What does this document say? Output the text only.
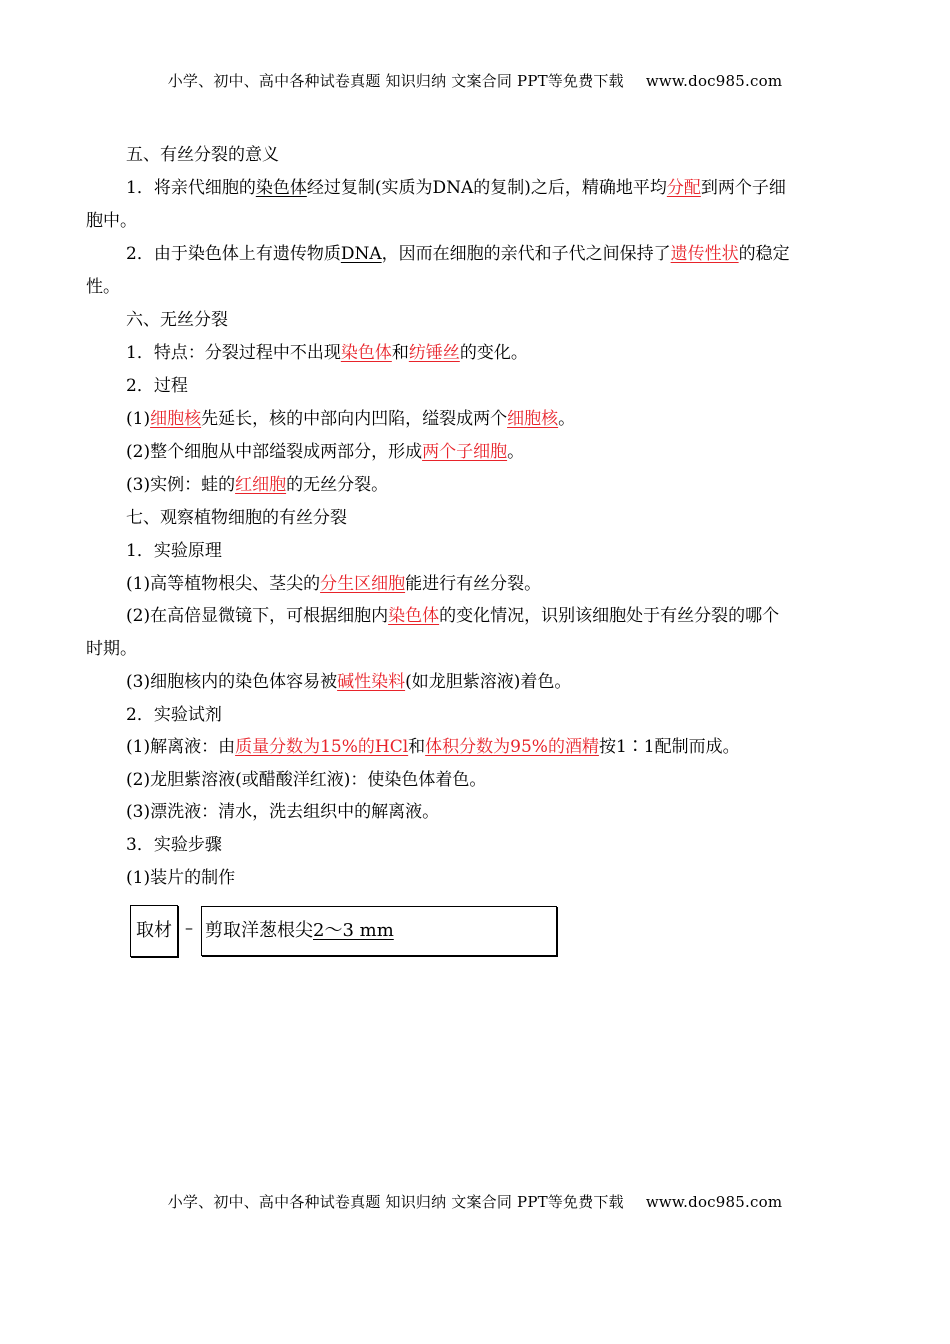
小学、初中、高中各种试卷真题 知识归纳 文案合同 PPT等免费下载 www.doc985.com
五、有丝分裂的意义
1．将亲代细胞的染色体经过复制(实质为DNA的复制)之后，精确地平均分配到两个子细
胞中。
2．由于染色体上有遗传物质DNA，因而在细胞的亲代和子代之间保持了遗传性状的稳定
性。
六、无丝分裂
1．特点：分裂过程中不出现染色体和纺锤丝的变化。
2．过程
(1)细胞核先延长，核的中部向内凹陷，缢裂成两个细胞核。
(2)整个细胞从中部缢裂成两部分，形成两个子细胞。
(3)实例：蛙的红细胞的无丝分裂。
七、观察植物细胞的有丝分裂
1．实验原理
(1)高等植物根尖、茎尖的分生区细胞能进行有丝分裂。
(2)在高倍显微镜下，可根据细胞内染色体的变化情况，识别该细胞处于有丝分裂的哪个
时期。
(3)细胞核内的染色体容易被碱性染料(如龙胆紫溶液)着色。
2．实验试剂
(1)解离液：由质量分数为15%的HCl和体积分数为95%的酒精按1∶1配制而成。
(2)龙胆紫溶液(或醋酸洋红液)：使染色体着色。
(3)漂洗液：清水，洗去组织中的解离液。
3．实验步骤
(1)装片的制作
取材 – 剪取洋葱根尖2～3 mm
小学、初中、高中各种试卷真题 知识归纳 文案合同 PPT等免费下载 www.doc985.com
